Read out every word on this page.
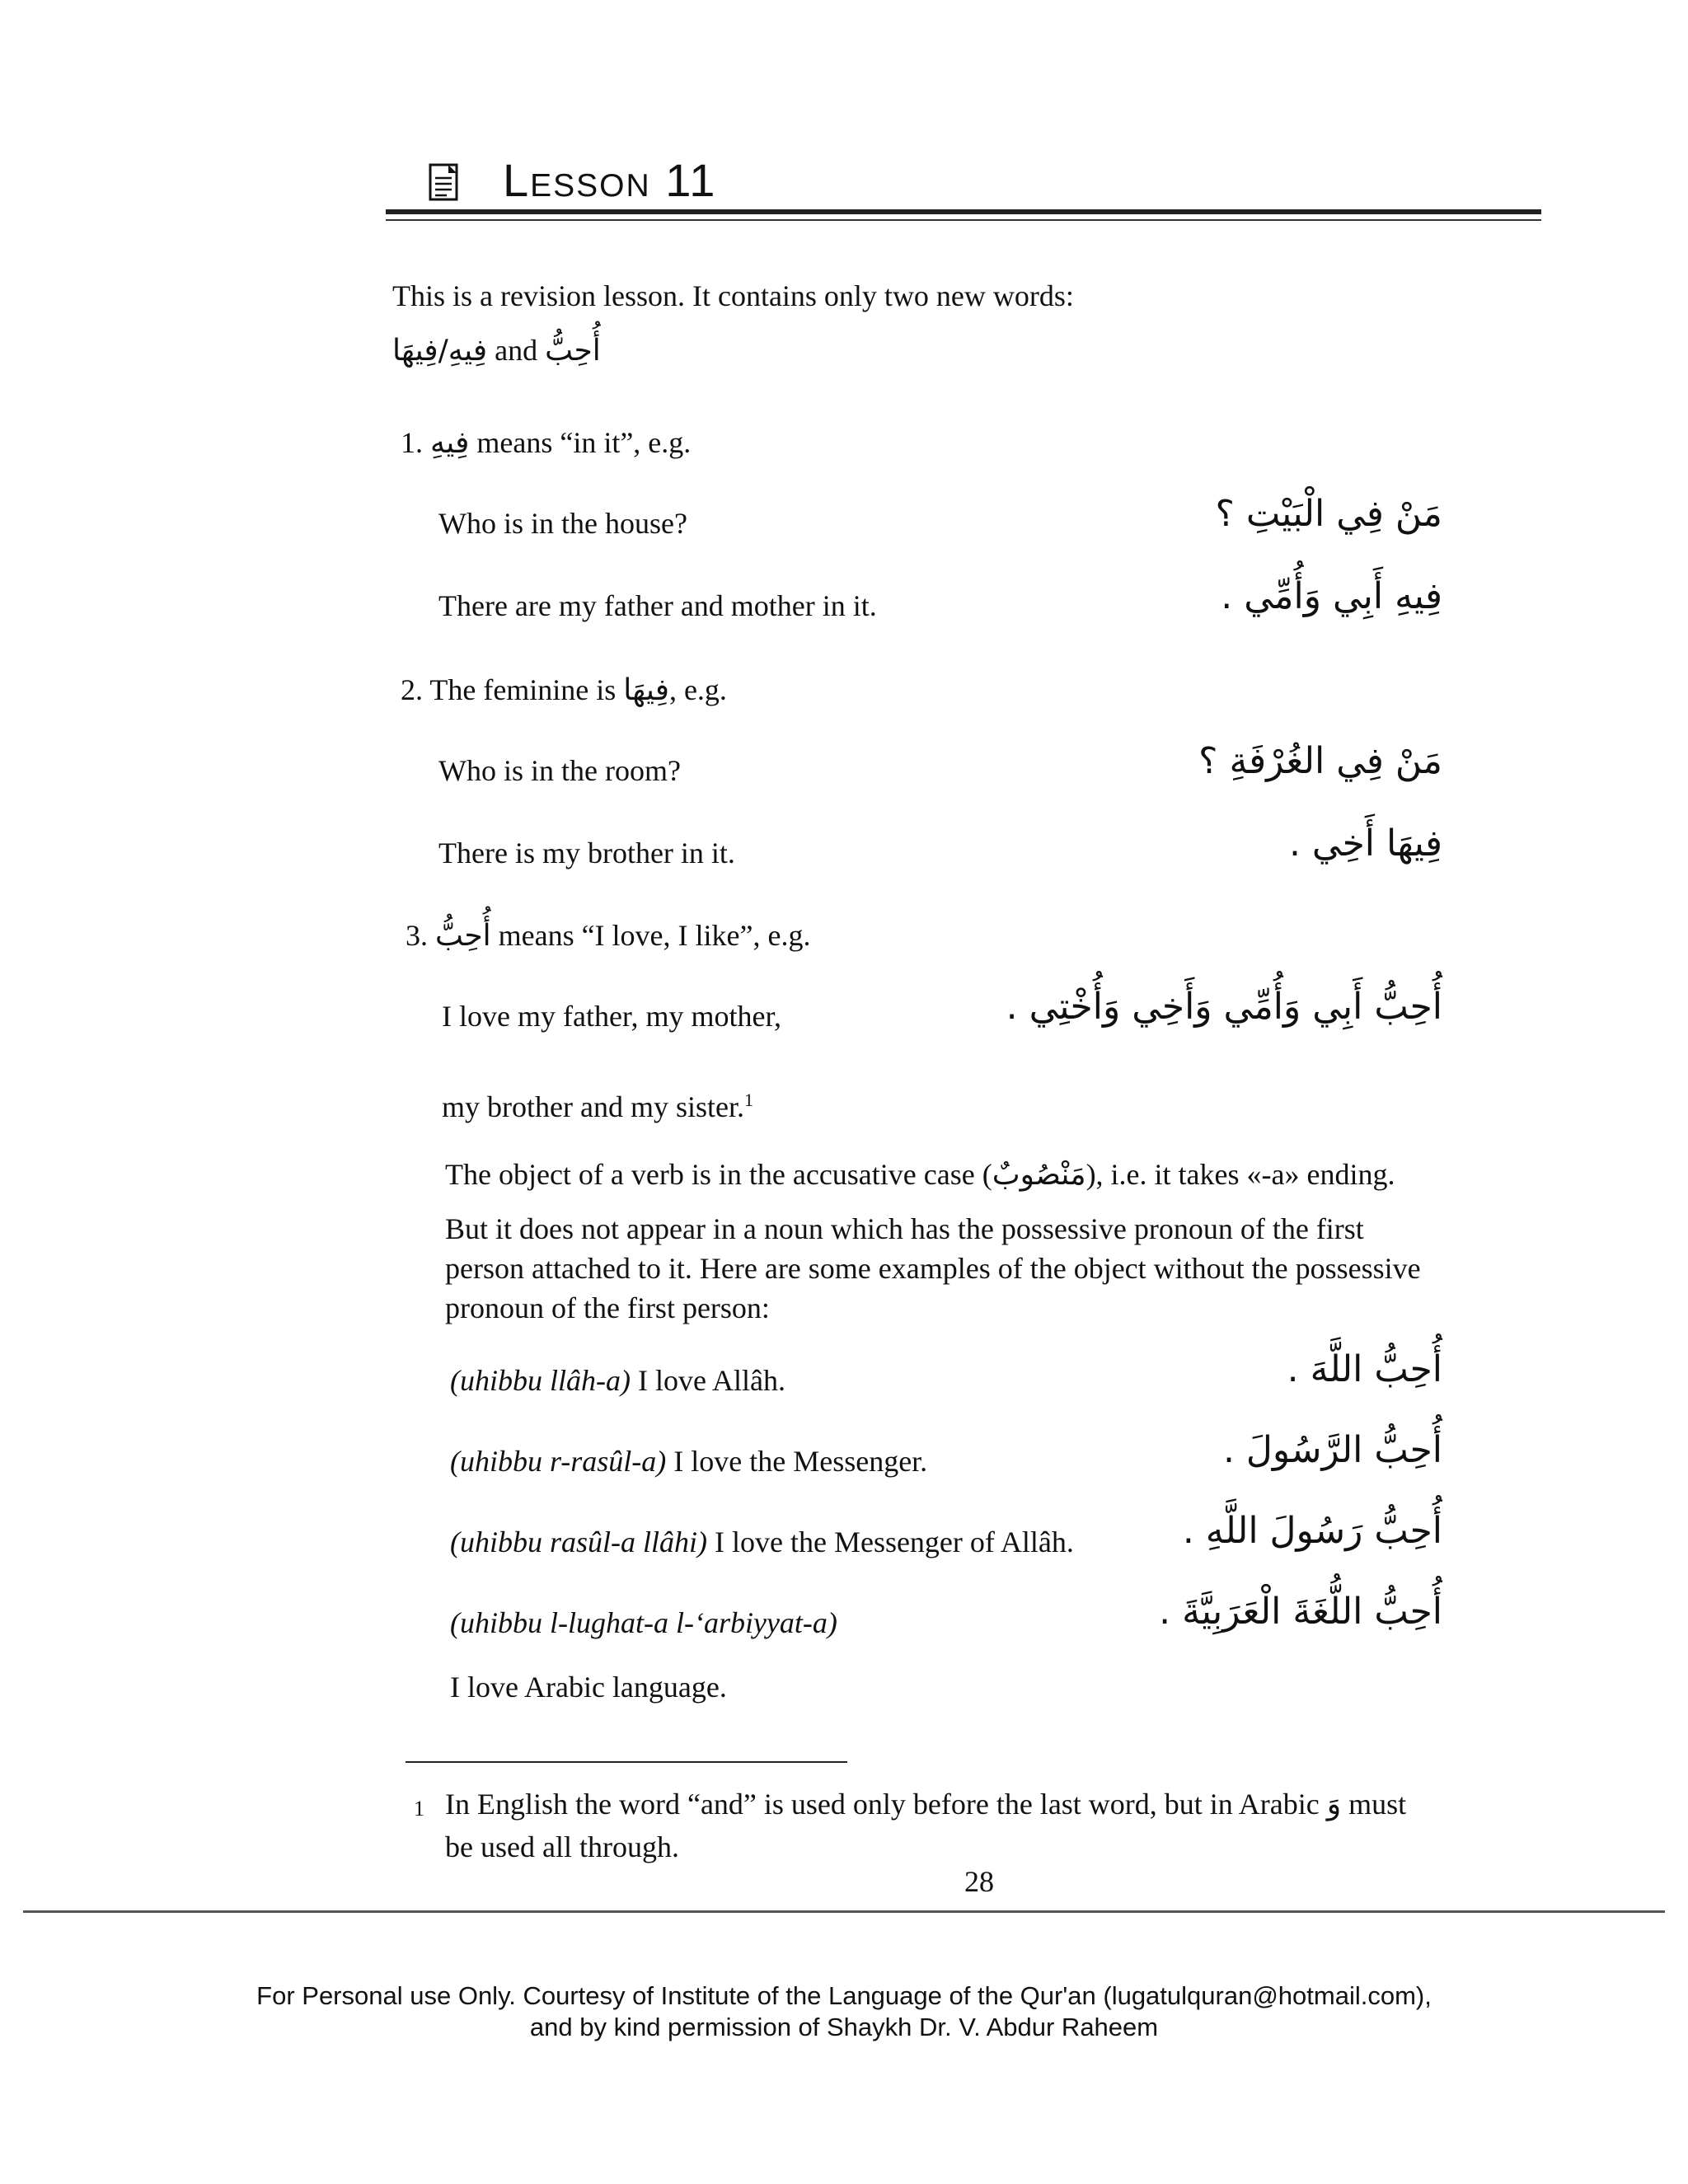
Lesson 11
This is a revision lesson. It contains only two new words:
فِيهِ/فِيهَا and أُحِبُّ
1. فِيهِ means “in it”, e.g.
Who is in the house?	مَنْ فِي الْبَيْتِ ؟
There are my father and mother in it.	فِيهِ أَبِي وَأُمِّي .
2. The feminine is فِيهَا, e.g.
Who is in the room?	مَنْ فِي الغُرْفَةِ ؟
There is my brother in it.	فِيهَا أَخِي .
3. أُحِبُّ means “I love, I like”, e.g.
I love my father, my mother,	أُحِبُّ أَبِي وَأُمِّي وَأَخِي وَأُخْتِي .
my brother and my sister.$^1$
The object of a verb is in the accusative case (مَنْصُوبٌ), i.e. it takes «-a» ending.
But it does not appear in a noun which has the possessive pronoun of the first
person attached to it. Here are some examples of the object without the possessive
pronoun of the first person:
(uhibbu llâh-a) I love Allâh.	أُحِبُّ اللَّهَ .
(uhibbu r-rasûl-a) I love the Messenger.	أُحِبُّ الرَّسُولَ .
(uhibbu rasûl-a llâhi) I love the Messenger of Allâh.	أُحِبُّ رَسُولَ اللَّهِ .
(uhibbu l-lughat-a l-‘arbiyyat-a)	أُحِبُّ اللُّغَةَ الْعَرَبِيَّةَ .
I love Arabic language.
1 In English the word “and” is used only before the last word, but in Arabic وَ must
be used all through.
28
For Personal use Only. Courtesy of Institute of the Language of the Qur'an (lugatulquran@hotmail.com),
and by kind permission of Shaykh Dr. V. Abdur Raheem
